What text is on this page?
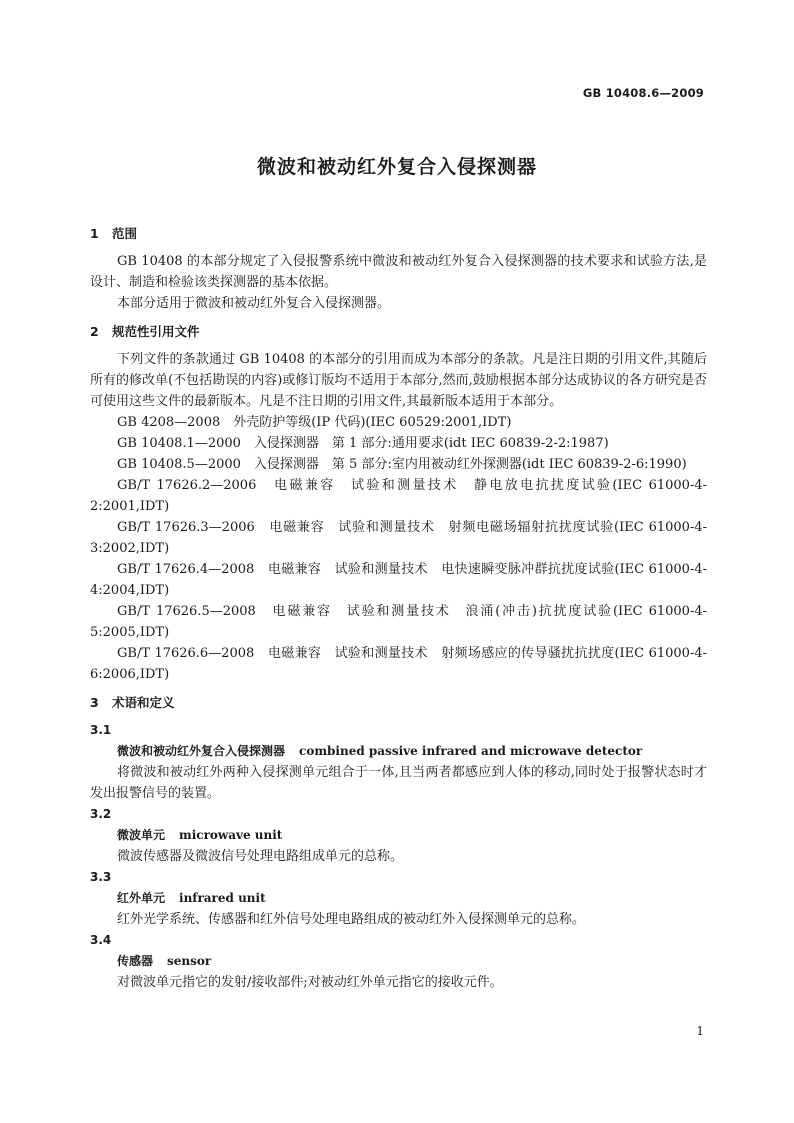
GB 10408.6—2009
微波和被动红外复合入侵探测器

1 范围

GB 10408 的本部分规定了入侵报警系统中微波和被动红外复合入侵探测器的技术要求和试验方法,是设计、制造和检验该类探测器的基本依据。

本部分适用于微波和被动红外复合入侵探测器。

2 规范性引用文件

下列文件的条款通过 GB 10408 的本部分的引用而成为本部分的条款。凡是注日期的引用文件,其随后所有的修改单(不包括勘误的内容)或修订版均不适用于本部分,然而,鼓励根据本部分达成协议的各方研究是否可使用这些文件的最新版本。凡是不注日期的引用文件,其最新版本适用于本部分。

GB 4208—2008　外壳防护等级(IP 代码)(IEC 60529:2001,IDT)

GB 10408.1—2000　入侵探测器　第 1 部分:通用要求(idt IEC 60839-2-2:1987)

GB 10408.5—2000　入侵探测器　第 5 部分:室内用被动红外探测器(idt IEC 60839-2-6:1990)

GB/T 17626.2—2006　电磁兼容　试验和测量技术　静电放电抗扰度试验(IEC 61000-4-2:2001,IDT)

GB/T 17626.3—2006　电磁兼容　试验和测量技术　射频电磁场辐射抗扰度试验(IEC 61000-4-3:2002,IDT)

GB/T 17626.4—2008　电磁兼容　试验和测量技术　电快速瞬变脉冲群抗扰度试验(IEC 61000-4-4:2004,IDT)

GB/T 17626.5—2008　电磁兼容　试验和测量技术　浪涌(冲击)抗扰度试验(IEC 61000-4-5:2005,IDT)

GB/T 17626.6—2008　电磁兼容　试验和测量技术　射频场感应的传导骚扰抗扰度(IEC 61000-4-6:2006,IDT)

3 术语和定义

3.1

微波和被动红外复合入侵探测器 combined passive infrared and microwave detector

将微波和被动红外两种入侵探测单元组合于一体,且当两者都感应到人体的移动,同时处于报警状态时才发出报警信号的装置。

3.2

微波单元 microwave unit

微波传感器及微波信号处理电路组成单元的总称。

3.3

红外单元 infrared unit

红外光学系统、传感器和红外信号处理电路组成的被动红外入侵探测单元的总称。

3.4

传感器 sensor

对微波单元指它的发射/接收部件;对被动红外单元指它的接收元件。

1
